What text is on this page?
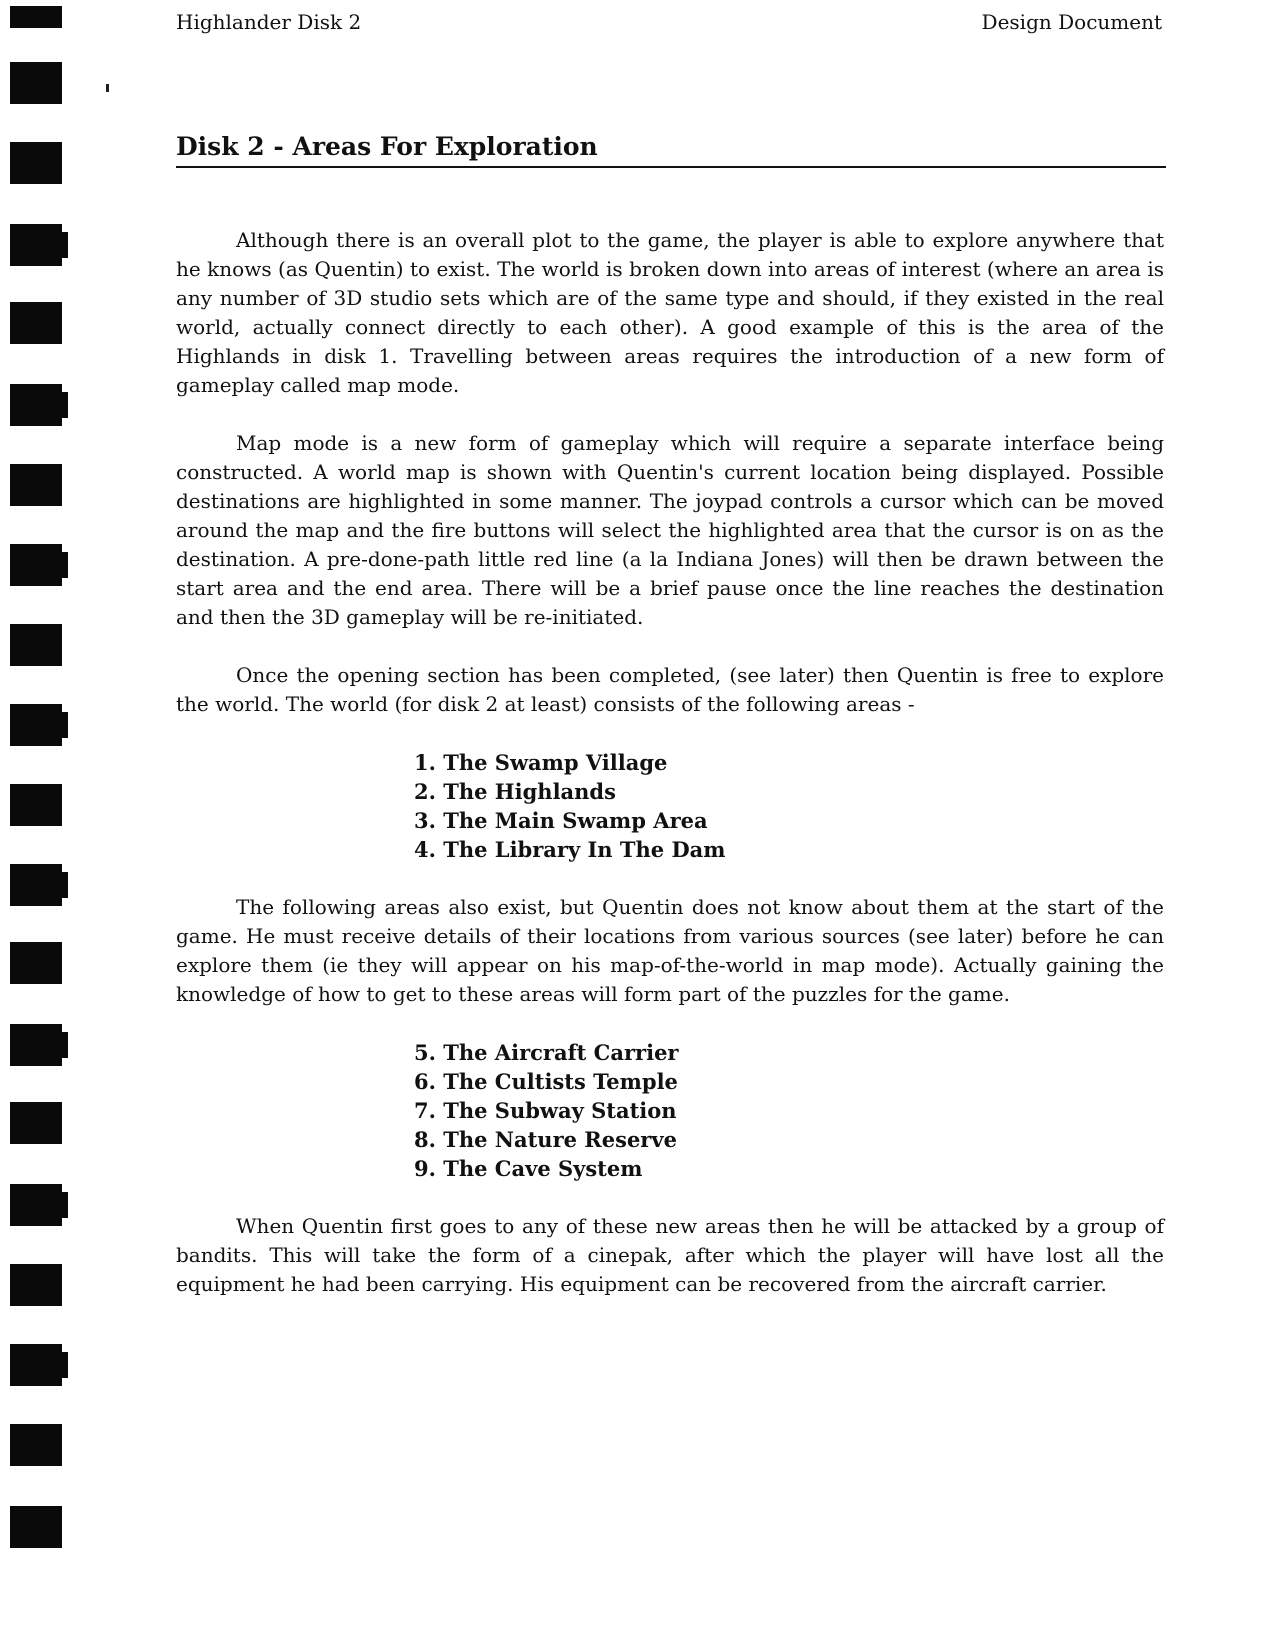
Highlander Disk 2	Design Document
Disk 2 - Areas For Exploration

Although there is an overall plot to the game, the player is able to explore anywhere that he knows (as Quentin) to exist. The world is broken down into areas of interest (where an area is any number of 3D studio sets which are of the same type and should, if they existed in the real world, actually connect directly to each other). A good example of this is the area of the Highlands in disk 1. Travelling between areas requires the introduction of a new form of gameplay called map mode.

Map mode is a new form of gameplay which will require a separate interface being constructed. A world map is shown with Quentin's current location being displayed. Possible destinations are highlighted in some manner. The joypad controls a cursor which can be moved around the map and the fire buttons will select the highlighted area that the cursor is on as the destination. A pre-done-path little red line (a la Indiana Jones) will then be drawn between the start area and the end area. There will be a brief pause once the line reaches the destination and then the 3D gameplay will be re-initiated.

Once the opening section has been completed, (see later) then Quentin is free to explore the world. The world (for disk 2 at least) consists of the following areas -

1. The Swamp Village
2. The Highlands
3. The Main Swamp Area
4. The Library In The Dam

The following areas also exist, but Quentin does not know about them at the start of the game. He must receive details of their locations from various sources (see later) before he can explore them (ie they will appear on his map-of-the-world in map mode). Actually gaining the knowledge of how to get to these areas will form part of the puzzles for the game.

5. The Aircraft Carrier
6. The Cultists Temple
7. The Subway Station
8. The Nature Reserve
9. The Cave System

When Quentin first goes to any of these new areas then he will be attacked by a group of bandits. This will take the form of a cinepak, after which the player will have lost all the equipment he had been carrying. His equipment can be recovered from the aircraft carrier.
